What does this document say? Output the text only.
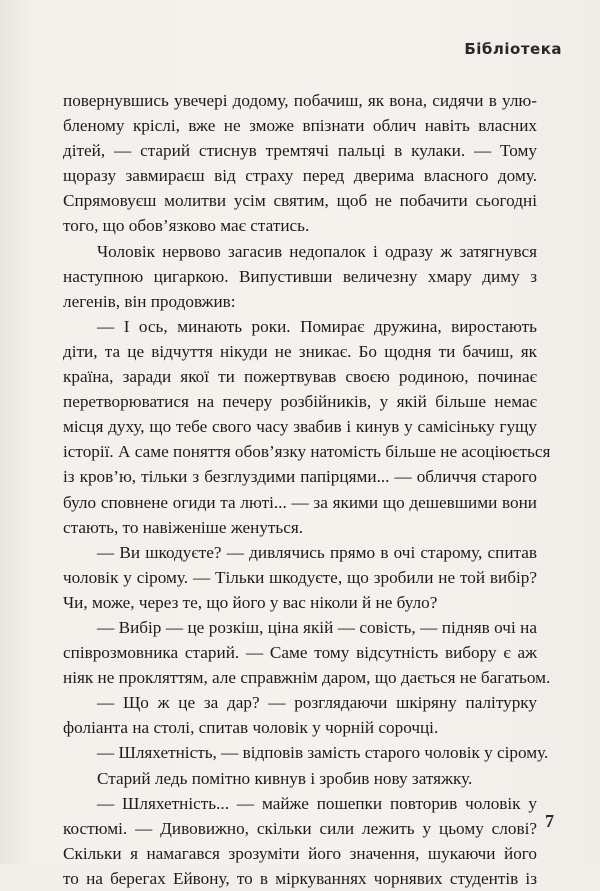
Бібліотека
повернувшись увечері додому, побачиш, як вона, сидячи в улю-
бленому кріслі, вже не зможе впізнати облич навіть власних
дітей, — старий стиснув тремтячі пальці в кулаки. — Тому
щоразу завмираєш від страху перед дверима власного дому.
Спрямовуєш молитви усім святим, щоб не побачити сьогодні
того, що обов’язково має статись.
Чоловік нервово загасив недопалок і одразу ж затягнувся
наступною цигаркою. Випустивши величезну хмару диму з
легенів, він продовжив:
— І ось, минають роки. Помирає дружина, виростають
діти, та це відчуття нікуди не зникає. Бо щодня ти бачиш, як
країна, заради якої ти пожертвував своєю родиною, починає
перетворюватися на печеру розбійників, у якій більше немає
місця духу, що тебе свого часу звабив і кинув у самісіньку гущу
історії. А саме поняття обов’язку натомість більше не асоціюється
із кров’ю, тільки з безглуздими папірцями... — обличчя старого
було сповнене огиди та люті... — за якими що дешевшими вони
стають, то навіженіше женуться.
— Ви шкодуєте? — дивлячись прямо в очі старому, спитав
чоловік у сірому. — Тільки шкодуєте, що зробили не той вибір?
Чи, може, через те, що його у вас ніколи й не було?
— Вибір — це розкіш, ціна якій — совість, — підняв очі на
співрозмовника старий. — Саме тому відсутність вибору є аж
ніяк не прокляттям, але справжнім даром, що дається не багатьом.
— Що ж це за дар? — розглядаючи шкіряну палітурку
фоліанта на столі, спитав чоловік у чорній сорочці.
— Шляхетність, — відповів замість старого чоловік у сірому.
Старий ледь помітно кивнув і зробив нову затяжку.
— Шляхетність... — майже пошепки повторив чоловік у
костюмі. — Дивовижно, скільки сили лежить у цьому слові?
Скільки я намагався зрозуміти його значення, шукаючи його
то на берегах Ейвону, то в міркуваннях чорнявих студентів із
7
